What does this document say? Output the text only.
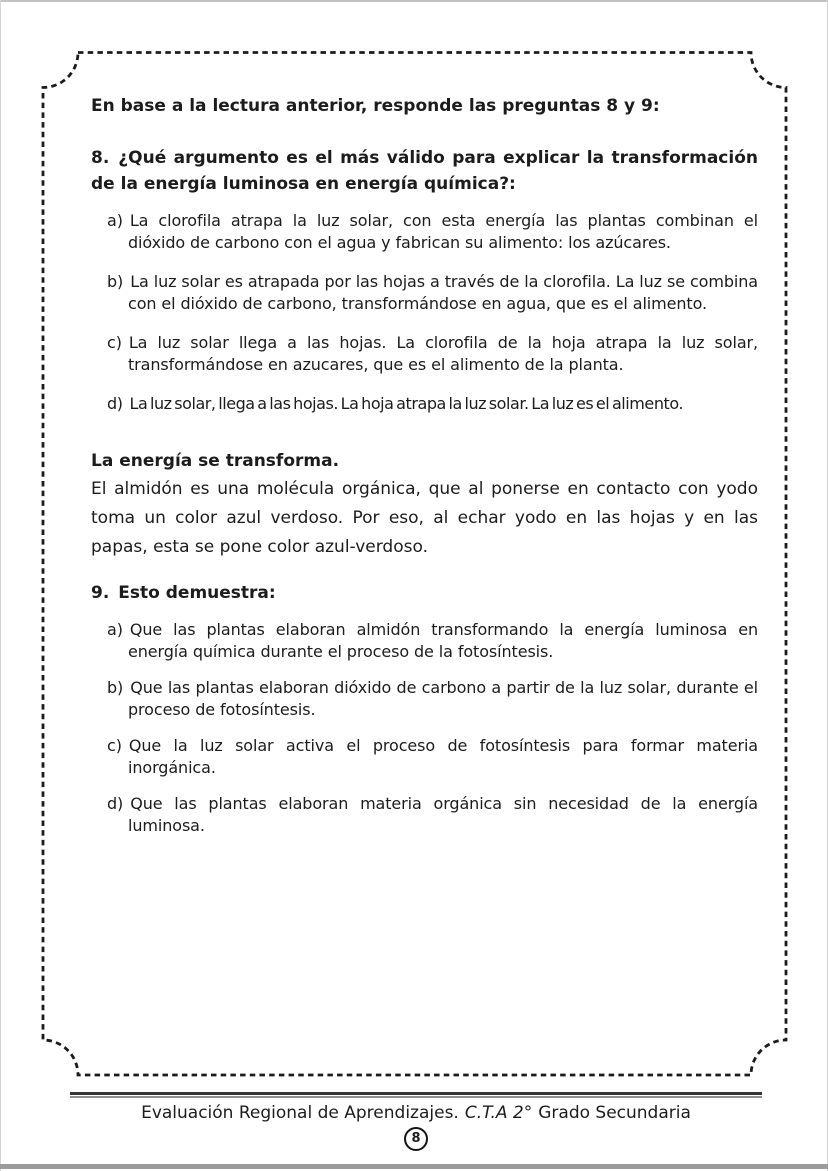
En base a la lectura anterior, responde las preguntas 8 y 9:

8. ¿Qué argumento es el más válido para explicar la transformación de la energía luminosa en energía química?:

a) La clorofila atrapa la luz solar, con esta energía las plantas combinan el dióxido de carbono con el agua y fabrican su alimento: los azúcares.
b) La luz solar es atrapada por las hojas a través de la clorofila. La luz se combina con el dióxido de carbono, transformándose en agua, que es el alimento.
c) La luz solar llega a las hojas. La clorofila de la hoja atrapa la luz solar, transformándose en azucares, que es el alimento de la planta.
d) La luz solar, llega a las hojas. La hoja atrapa la luz solar. La luz es el alimento.

La energía se transforma.

El almidón es una molécula orgánica, que al ponerse en contacto con yodo toma un color azul verdoso. Por eso, al echar yodo en las hojas y en las papas, esta se pone color azul-verdoso.

9. Esto demuestra:

a) Que las plantas elaboran almidón transformando la energía luminosa en energía química durante el proceso de la fotosíntesis.
b) Que las plantas elaboran dióxido de carbono a partir de la luz solar, durante el proceso de fotosíntesis.
c) Que la luz solar activa el proceso de fotosíntesis para formar materia inorgánica.
d) Que las plantas elaboran materia orgánica sin necesidad de la energía luminosa.

Evaluación Regional de Aprendizajes. C.T.A 2° Grado Secundaria

8
